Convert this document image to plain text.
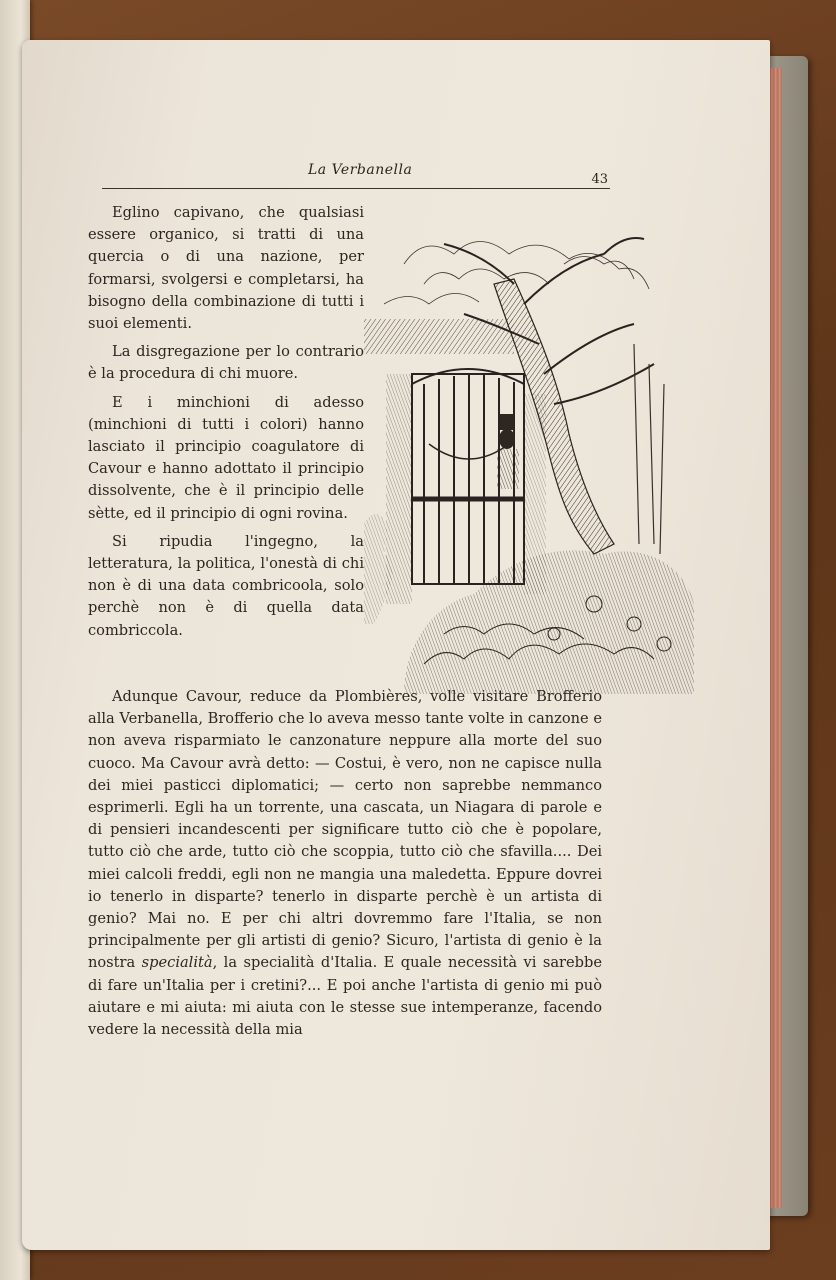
La Verbanella
43

Eglino capivano, che qualsiasi essere organico, si tratti di una quercia o di una nazione, per formarsi, svolgersi e completarsi, ha bisogno della combinazione di tutti i suoi elementi.

La disgregazione per lo contrario è la procedura di chi muore.

E i minchioni di adesso (minchioni di tutti i colori) hanno lasciato il principio coagulatore di Cavour e hanno adottato il principio dissolvente, che è il principio delle sètte, ed il principio di ogni rovina.

Si ripudia l'ingegno, la letteratura, la politica, l'onestà di chi non è di una data combricoola, solo perchè non è di quella data combriccola.

Adunque Cavour, reduce da Plombières, volle visitare Brofferio alla Verbanella, Brofferio che lo aveva messo tante volte in canzone e non aveva risparmiato le canzonature neppure alla morte del suo cuoco. Ma Cavour avrà detto: — Costui, è vero, non ne capisce nulla dei miei pasticci diplomatici; — certo non saprebbe nemmanco esprimerli. Egli ha un torrente, una cascata, un Niagara di parole e di pensieri incandescenti per significare tutto ciò che è popolare, tutto ciò che arde, tutto ciò che scoppia, tutto ciò che sfavilla.... Dei miei calcoli freddi, egli non ne mangia una maledetta. Eppure dovrei io tenerlo in disparte? tenerlo in disparte perchè è un artista di genio? Mai no. E per chi altri dovremmo fare l'Italia, se non principalmente per gli artisti di genio? Sicuro, l'artista di genio è la nostra specialità, la specialità d'Italia. E quale necessità vi sarebbe di fare un'Italia per i cretini?... E poi anche l'artista di genio mi può aiutare e mi aiuta: mi aiuta con le stesse sue intemperanze, facendo vedere la necessità della mia
